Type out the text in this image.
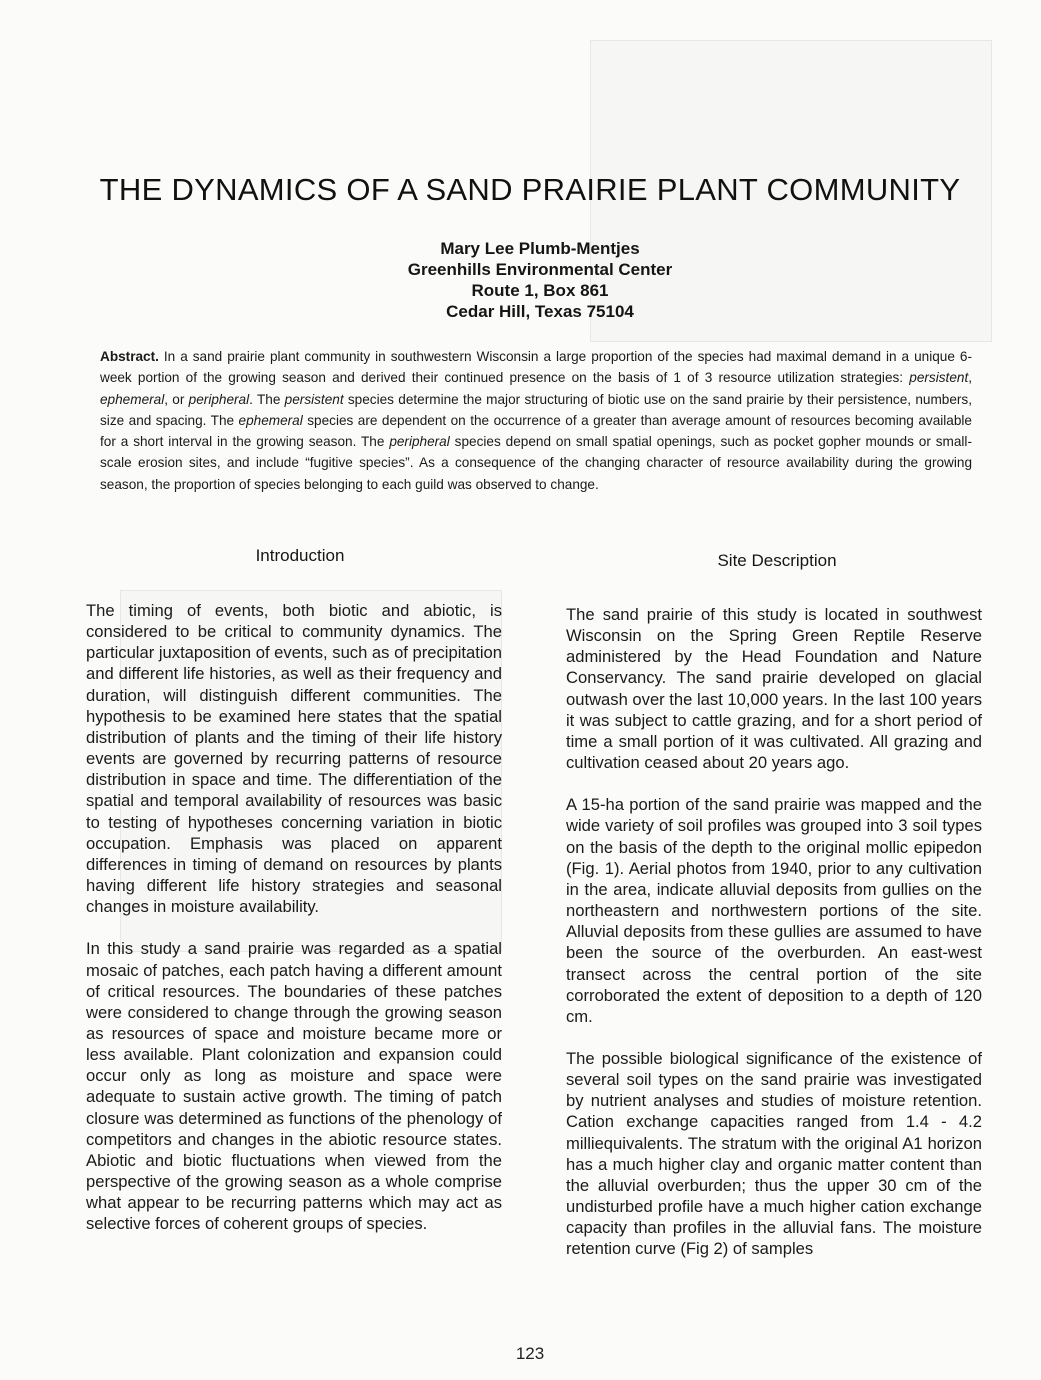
THE DYNAMICS OF A SAND PRAIRIE PLANT COMMUNITY
Mary Lee Plumb-Mentjes
Greenhills Environmental Center
Route 1, Box 861
Cedar Hill, Texas 75104
Abstract. In a sand prairie plant community in southwestern Wisconsin a large proportion of the species had maximal demand in a unique 6-week portion of the growing season and derived their continued presence on the basis of 1 of 3 resource utilization strategies: persistent, ephemeral, or peripheral. The persistent species determine the major structuring of biotic use on the sand prairie by their persistence, numbers, size and spacing. The ephemeral species are dependent on the occurrence of a greater than average amount of resources becoming available for a short interval in the growing season. The peripheral species depend on small spatial openings, such as pocket gopher mounds or small-scale erosion sites, and include “fugitive species”. As a consequence of the changing character of resource availability during the growing season, the proportion of species belonging to each guild was observed to change.
Introduction	Site Description

The timing of events, both biotic and abiotic, is considered to be critical to community dynamics. The particular juxtaposition of events, such as of precipitation and different life histories, as well as their frequency and duration, will distinguish different communities. The hypothesis to be examined here states that the spatial distribution of plants and the timing of their life history events are governed by recurring patterns of resource distribution in space and time. The differentiation of the spatial and temporal availability of resources was basic to testing of hypotheses concerning variation in biotic occupation. Emphasis was placed on apparent differences in timing of demand on resources by plants having different life history strategies and seasonal changes in moisture availability.

In this study a sand prairie was regarded as a spatial mosaic of patches, each patch having a different amount of critical resources. The boundaries of these patches were considered to change through the growing season as resources of space and moisture became more or less available. Plant colonization and expansion could occur only as long as moisture and space were adequate to sustain active growth. The timing of patch closure was determined as functions of the phenology of competitors and changes in the abiotic resource states. Abiotic and biotic fluctuations when viewed from the perspective of the growing season as a whole comprise what appear to be recurring patterns which may act as selective forces of coherent groups of species.

The sand prairie of this study is located in southwest Wisconsin on the Spring Green Reptile Reserve administered by the Head Foundation and Nature Conservancy. The sand prairie developed on glacial outwash over the last 10,000 years. In the last 100 years it was subject to cattle grazing, and for a short period of time a small portion of it was cultivated. All grazing and cultivation ceased about 20 years ago.

A 15-ha portion of the sand prairie was mapped and the wide variety of soil profiles was grouped into 3 soil types on the basis of the depth to the original mollic epipedon (Fig. 1). Aerial photos from 1940, prior to any cultivation in the area, indicate alluvial deposits from gullies on the northeastern and northwestern portions of the site. Alluvial deposits from these gullies are assumed to have been the source of the overburden. An east-west transect across the central portion of the site corroborated the extent of deposition to a depth of 120 cm.

The possible biological significance of the existence of several soil types on the sand prairie was investigated by nutrient analyses and studies of moisture retention. Cation exchange capacities ranged from 1.4 - 4.2 milliequivalents. The stratum with the original A1 horizon has a much higher clay and organic matter content than the alluvial overburden; thus the upper 30 cm of the undisturbed profile have a much higher cation exchange capacity than profiles in the alluvial fans. The moisture retention curve (Fig 2) of samples

123
